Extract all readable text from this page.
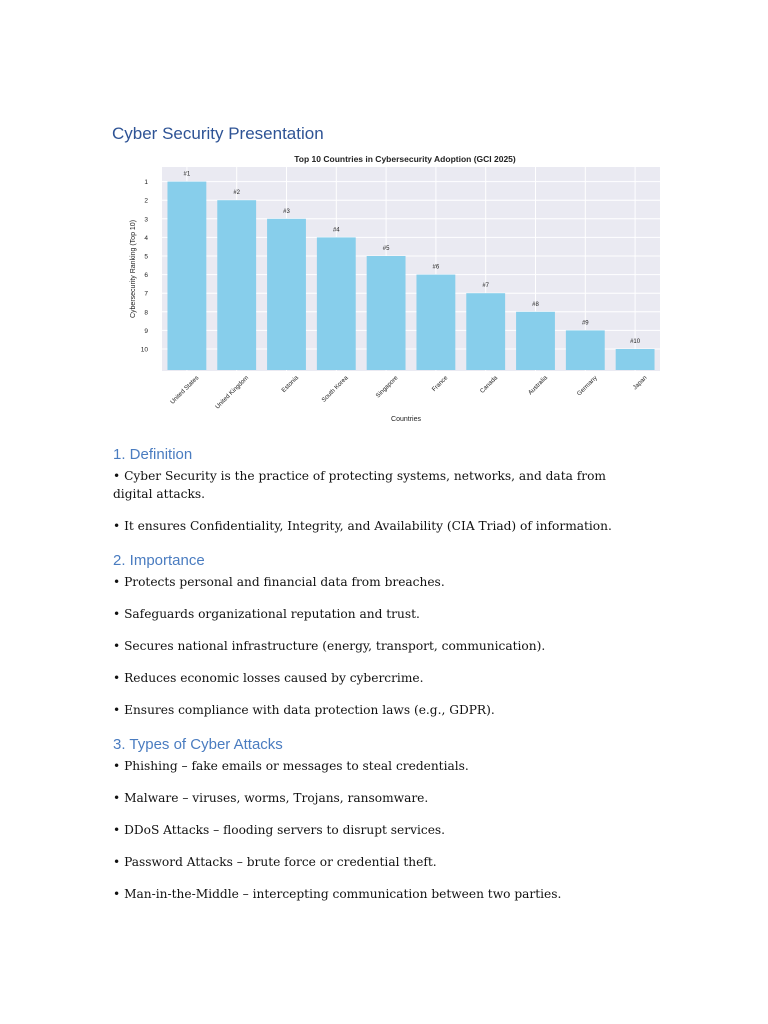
Cyber Security Presentation
Top 10 Countries in Cybersecurity Adoption (GCI 2025)
#1
#2
#3
#4
#5
#6
#7
#8
#9
#10
1
2
3
4
5
6
7
8
9
10
United States United Kingdom	Estonia	South Korea	Singapore	France	Canada	Australia	Germany	Japan
Cybersecurity Ranking (Top 10)
Countries
1. Definition

• Cyber Security is the practice of protecting systems, networks, and data from digital attacks.

• It ensures Confidentiality, Integrity, and Availability (CIA Triad) of information.

2. Importance

• Protects personal and financial data from breaches.

• Safeguards organizational reputation and trust.

• Secures national infrastructure (energy, transport, communication).

• Reduces economic losses caused by cybercrime.

• Ensures compliance with data protection laws (e.g., GDPR).

3. Types of Cyber Attacks

• Phishing – fake emails or messages to steal credentials.

• Malware – viruses, worms, Trojans, ransomware.

• DDoS Attacks – flooding servers to disrupt services.

• Password Attacks – brute force or credential theft.

• Man-in-the-Middle – intercepting communication between two parties.
